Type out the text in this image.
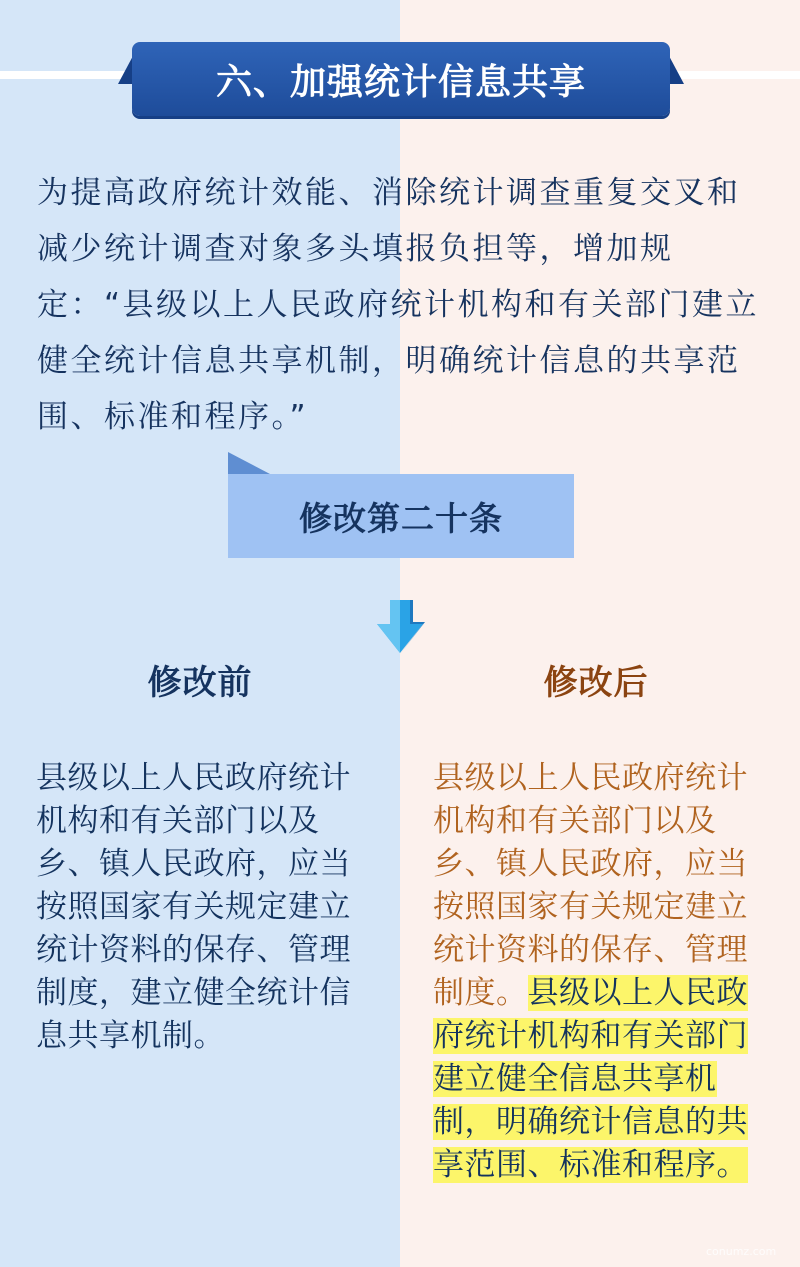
六、加强统计信息共享

为提高政府统计效能、消除统计调查重复交叉和减少统计调查对象多头填报负担等，增加规定：“县级以上人民政府统计机构和有关部门建立健全统计信息共享机制，明确统计信息的共享范围、标准和程序。”

修改第二十条
修改前	修改后

县级以上人民政府统计机构和有关部门以及乡、镇人民政府，应当按照国家有关规定建立统计资料的保存、管理制度，建立健全统计信息共享机制。

县级以上人民政府统计机构和有关部门以及乡、镇人民政府，应当按照国家有关规定建立统计资料的保存、管理制度。县级以上人民政府统计机构和有关部门建立健全信息共享机制，明确统计信息的共享范围、标准和程序。

conumz.com
